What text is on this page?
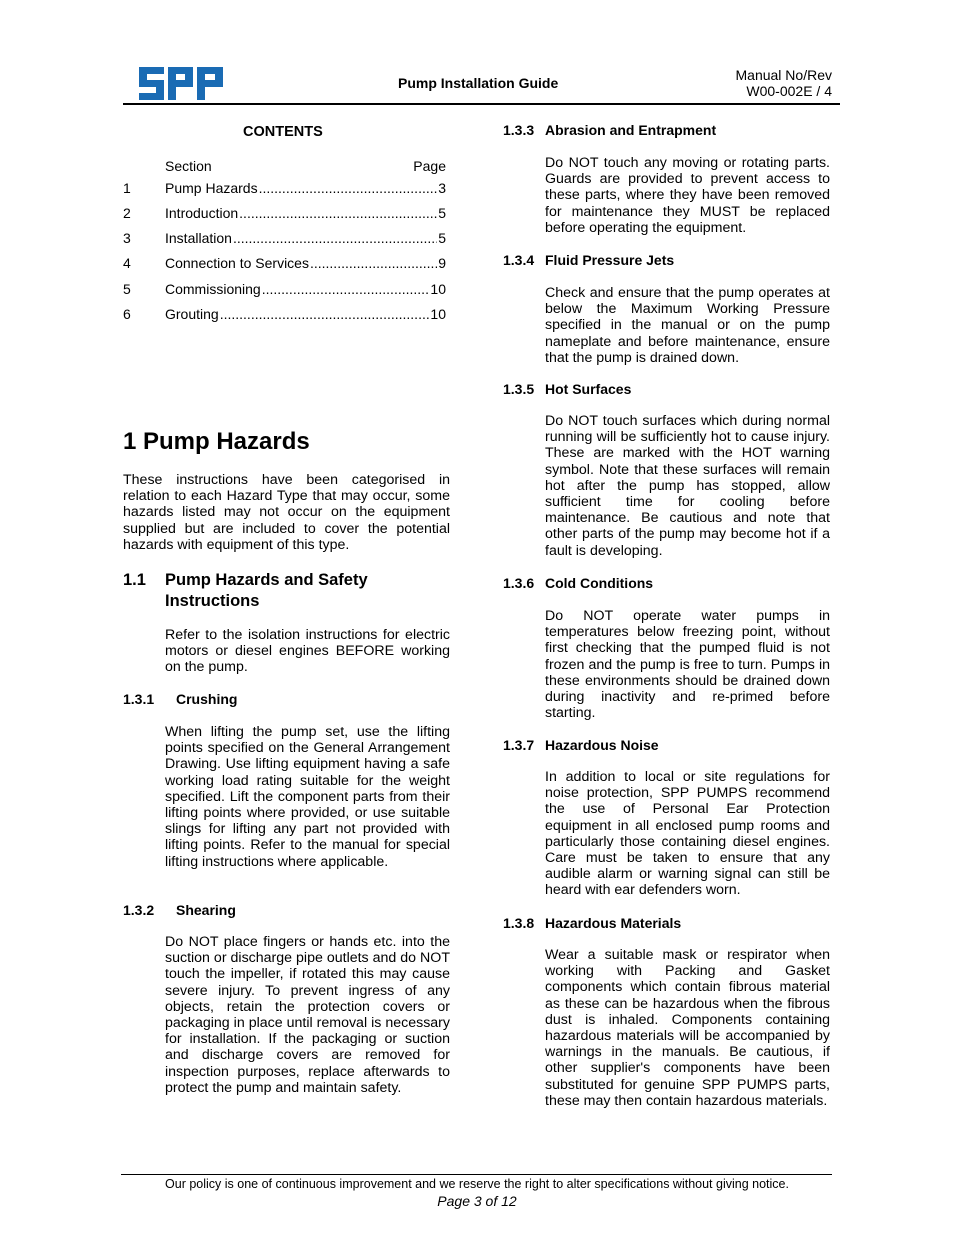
Pump Installation Guide	Manual No/Rev
W00-002E / 4
CONTENTS
Section	Page
1 Pump Hazards .....	3
2 Introduction .....	5
3 Installation .....	5
4 Connection to Services .....	9
5 Commissioning .....	10
6 Grouting .....	10
1 Pump Hazards

These instructions have been categorised in relation to each Hazard Type that may occur, some hazards listed may not occur on the equipment supplied but are included to cover the potential hazards with equipment of this type.

1.1 Pump Hazards and Safety Instructions

Refer to the isolation instructions for electric motors or diesel engines BEFORE working on the pump.

1.3.1 Crushing

When lifting the pump set, use the lifting points specified on the General Arrangement Drawing. Use lifting equipment having a safe working load rating suitable for the weight specified. Lift the component parts from their lifting points where provided, or use suitable slings for lifting any part not provided with lifting points. Refer to the manual for special lifting instructions where applicable.

1.3.2 Shearing

Do NOT place fingers or hands etc. into the suction or discharge pipe outlets and do NOT touch the impeller, if rotated this may cause severe injury. To prevent ingress of any objects, retain the protection covers or packaging in place until removal is necessary for installation. If the packaging or suction and discharge covers are removed for inspection purposes, replace afterwards to protect the pump and maintain safety.

1.3.3 Abrasion and Entrapment

Do NOT touch any moving or rotating parts. Guards are provided to prevent access to these parts, where they have been removed for maintenance they MUST be replaced before operating the equipment.

1.3.4 Fluid Pressure Jets

Check and ensure that the pump operates at below the Maximum Working Pressure specified in the manual or on the pump nameplate and before maintenance, ensure that the pump is drained down.

1.3.5 Hot Surfaces

Do NOT touch surfaces which during normal running will be sufficiently hot to cause injury. These are marked with the HOT warning symbol. Note that these surfaces will remain hot after the pump has stopped, allow sufficient time for cooling before maintenance. Be cautious and note that other parts of the pump may become hot if a fault is developing.

1.3.6 Cold Conditions

Do NOT operate water pumps in temperatures below freezing point, without first checking that the pumped fluid is not frozen and the pump is free to turn. Pumps in these environments should be drained down during inactivity and re-primed before starting.

1.3.7 Hazardous Noise

In addition to local or site regulations for noise protection, SPP PUMPS recommend the use of Personal Ear Protection equipment in all enclosed pump rooms and particularly those containing diesel engines. Care must be taken to ensure that any audible alarm or warning signal can still be heard with ear defenders worn.

1.3.8 Hazardous Materials

Wear a suitable mask or respirator when working with Packing and Gasket components which contain fibrous material as these can be hazardous when the fibrous dust is inhaled. Components containing hazardous materials will be accompanied by warnings in the manuals. Be cautious, if other supplier's components have been substituted for genuine SPP PUMPS parts, these may then contain hazardous materials.

Our policy is one of continuous improvement and we reserve the right to alter specifications without giving notice.
Page 3 of 12
